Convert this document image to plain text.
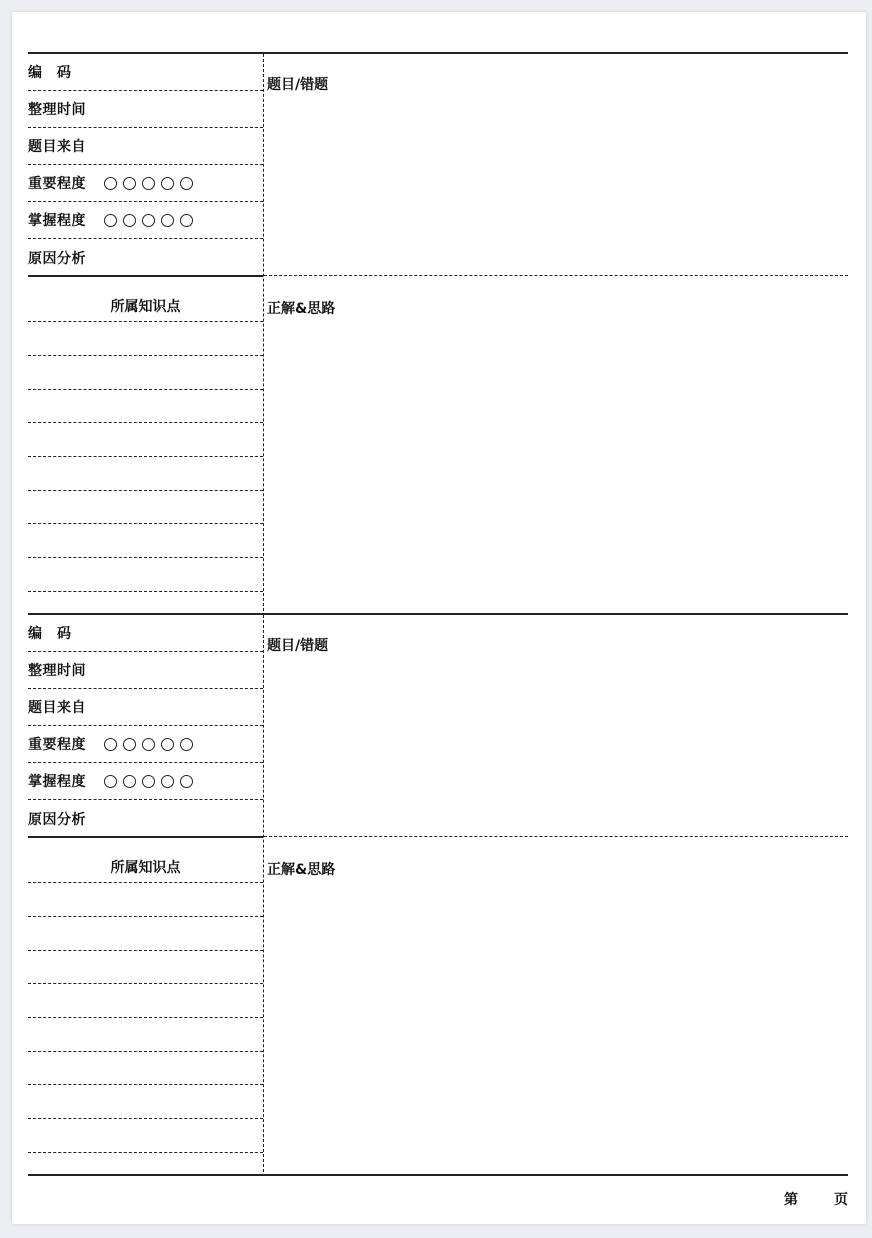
编　码
整理时间
题目来自
重要程度
掌握程度
原因分析
题目/错题
正解&思路
所属知识点
编　码
整理时间
题目来自
重要程度
掌握程度
原因分析
题目/错题
正解&思路
所属知识点
第	页
